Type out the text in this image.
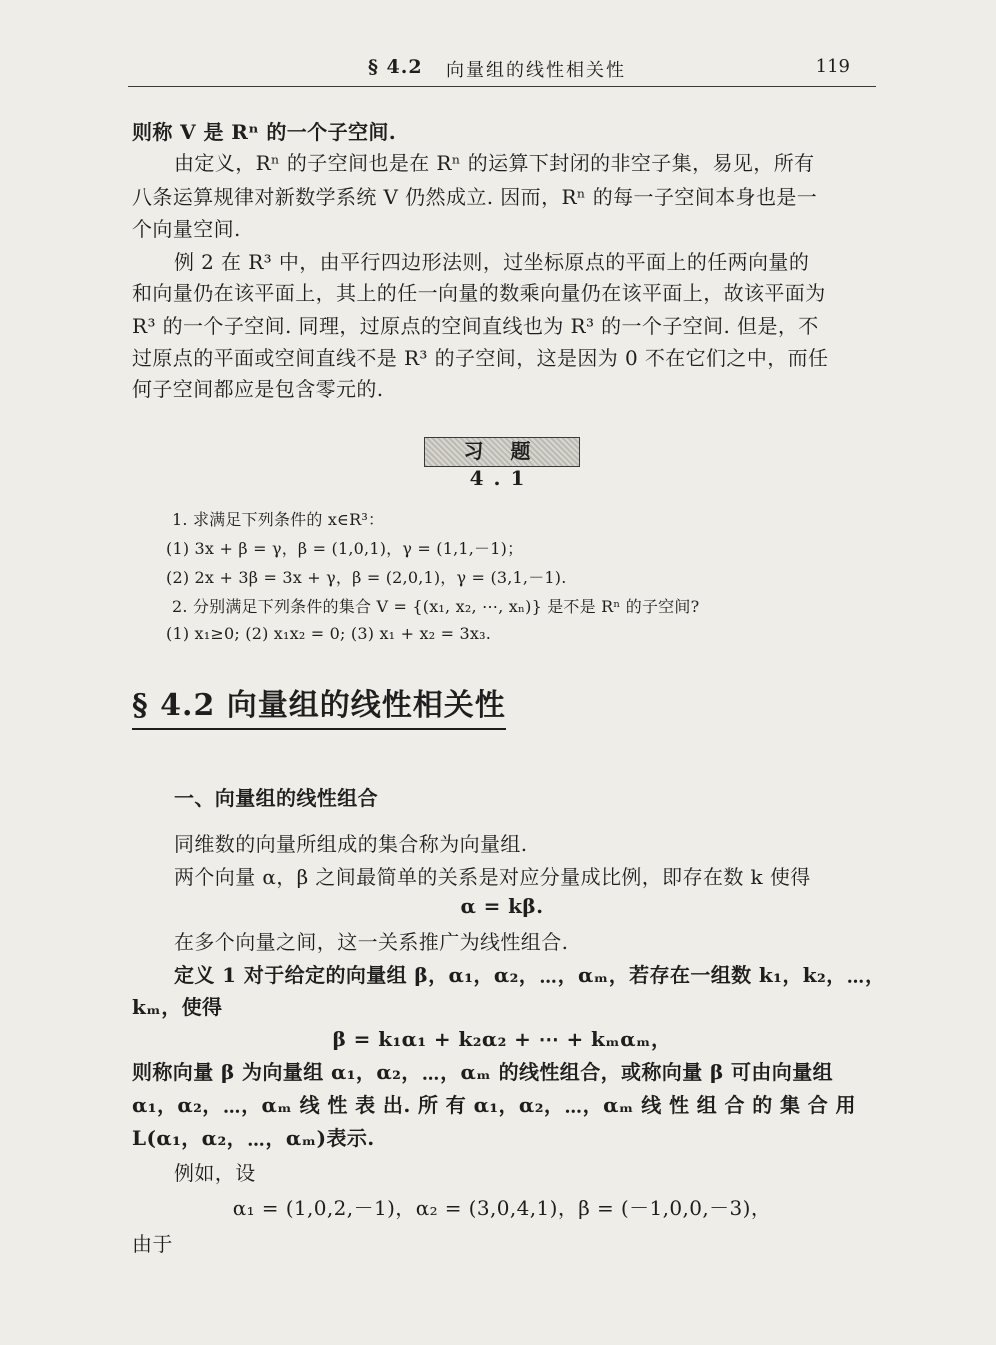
§ 4.2 向量组的线性相关性	119
则称 V 是 Rⁿ 的一个子空间.
由定义，Rⁿ 的子空间也是在 Rⁿ 的运算下封闭的非空子集，易见，所有
八条运算规律对新数学系统 V 仍然成立. 因而，Rⁿ 的每一子空间本身也是一
个向量空间.
例 2 在 R³ 中，由平行四边形法则，过坐标原点的平面上的任两向量的
和向量仍在该平面上，其上的任一向量的数乘向量仍在该平面上，故该平面为
R³ 的一个子空间. 同理，过原点的空间直线也为 R³ 的一个子空间. 但是，不
过原点的平面或空间直线不是 R³ 的子空间，这是因为 0 不在它们之中，而任
何子空间都应是包含零元的.
习 题 4.1
1. 求满足下列条件的 x∈R³：
(1) 3x + β = γ，β = (1,0,1)，γ = (1,1,－1)；
(2) 2x + 3β = 3x + γ，β = (2,0,1)，γ = (3,1,－1).
2. 分别满足下列条件的集合 V = {(x₁, x₂, ⋯, xₙ)} 是不是 Rⁿ 的子空间?
(1) x₁≥0; (2) x₁x₂ = 0; (3) x₁ + x₂ = 3x₃.
§ 4.2 向量组的线性相关性
一、向量组的线性组合
同维数的向量所组成的集合称为向量组.
两个向量 α，β 之间最简单的关系是对应分量成比例，即存在数 k 使得
α = kβ.
在多个向量之间，这一关系推广为线性组合.
定义 1 对于给定的向量组 β，α₁，α₂，⋯，αₘ，若存在一组数 k₁，k₂，⋯，
kₘ，使得
β = k₁α₁ + k₂α₂ + ⋯ + kₘαₘ，
则称向量 β 为向量组 α₁，α₂，⋯，αₘ 的线性组合，或称向量 β 可由向量组
α₁，α₂，⋯，αₘ 线 性 表 出. 所 有 α₁，α₂，⋯，αₘ 线 性 组 合 的 集 合 用
L(α₁，α₂，⋯，αₘ)表示.
例如，设
α₁ = (1,0,2,－1)，α₂ = (3,0,4,1)，β = (－1,0,0,－3)，
由于
